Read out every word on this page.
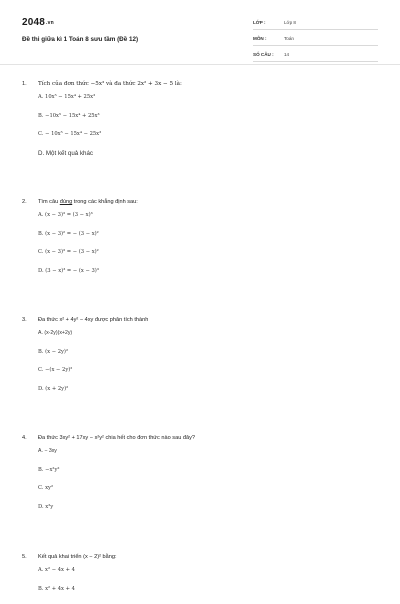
2048.vn
Đề thi giữa kì 1 Toán 8 sưu tầm (Đề 12)
LỚP :	Lớp 8
MÔN :	Toán
SỐ CÂU :	14
1.	Tích của đơn thức −5x³ và đa thức 2x² + 3x − 5 là:
A. 10x⁵ − 15x⁴ + 25x³
B. −10x⁵ − 15x⁴ + 25x³
C. − 10x⁵ − 15x⁴ − 25x³
D. Một kết quả khác
2.	Tìm câu đúng trong các khẳng định sau:
A. (x − 3)³ = (3 − x)³
B. (x − 3)² = − (3 − x)²
C. (x − 3)³ = − (3 − x)²
D. (3 − x)³ = − (x − 3)³
3.	Đa thức x² + 4y² − 4xy được phân tích thành
A. (x-2y)(x+2y)
B. (x − 2y)²
C. −(x − 2y)²
D. (x + 2y)²
4.	Đa thức 3xy² + 17xy − x²y² chia hết cho đơn thức nào sau đây?
A. − 3xy
B. −x²y²
C. xy²
D. x²y
5.	Kết quả khai triển (x − 2)² bằng:
A. x² − 4x + 4
B. x² + 4x + 4
